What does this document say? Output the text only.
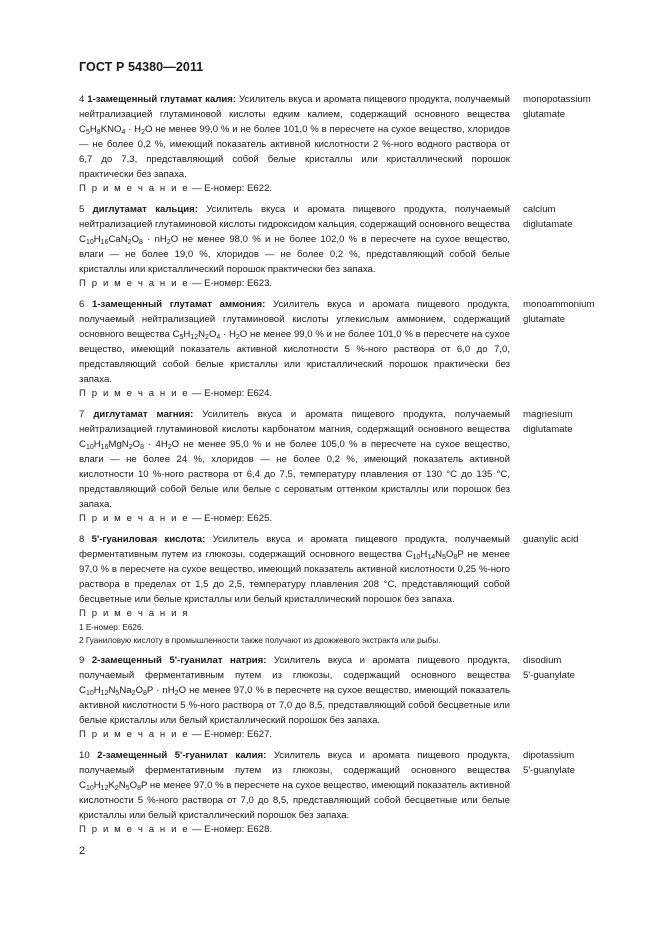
ГОСТ Р 54380—2011

4 1-замещенный глутамат калия: Усилитель вкуса и аромата пищевого продукта, получаемый нейтрализацией глутаминовой кислоты едким калием, содержащий основного вещества $C_5H_8KNO_4 \cdot H_2O$ не менее 99,0 % и не более 101,0 % в пересчете на сухое вещество, хлоридов — не более 0,2 %, имеющий показатель активной кислотности 2 %-ного водного раствора от 6,7 до 7,3, представляющий собой белые кристаллы или кристаллический порошок практически без запаха.

П р и м е ч а н и е — Е-номер: Е622.

monopotassium
glutamate

5 диглутамат кальция: Усилитель вкуса и аромата пищевого продукта, получаемый нейтрализацией глутаминовой кислоты гидроксидом кальция, содержащий основного вещества $C_{10}H_{16}CaN_2O_8 \cdot nH_2O$ не менее 98,0 % и не более 102,0 % в пересчете на сухое вещество, влаги — не более 19,0 %, хлоридов — не более 0,2 %, представляющий собой белые кристаллы или кристаллический порошок практически без запаха.

П р и м е ч а н и е — Е-номер: Е623.

calcium
diglutamate

6 1-замещенный глутамат аммония: Усилитель вкуса и аромата пищевого продукта, получаемый нейтрализацией глутаминовой кислоты углекислым аммонием, содержащий основного вещества $C_5H_{12}N_2O_4 \cdot H_2O$ не менее 99,0 % и не более 101,0 % в пересчете на сухое вещество, имеющий показатель активной кислотности 5 %-ного раствора от 6,0 до 7,0, представляющий собой белые кристаллы или кристаллический порошок практически без запаха.

П р и м е ч а н и е — Е-номер: Е624.

monoammonium
glutamate

7 диглутамат магния: Усилитель вкуса и аромата пищевого продукта, получаемый нейтрализацией глутаминовой кислоты карбонатом магния, содержащий основного вещества $C_{10}H_{16}MgN_2O_8 \cdot 4H_2O$ не менее 95,0 % и не более 105,0 % в пересчете на сухое вещество, влаги — не более 24 %, хлоридов — не более 0,2 %, имеющий показатель активной кислотности 10 %-ного раствора от 6,4 до 7,5, температуру плавления от 130 °С до 135 °С, представляющий собой белые или белые с сероватым оттенком кристаллы или порошок без запаха.

П р и м е ч а н и е — Е-номер: Е625.

magnesium
diglutamate

8 5'-гуаниловая кислота: Усилитель вкуса и аромата пищевого продукта, получаемый ферментативным путем из глюкозы, содержащий основного вещества $C_{10}H_{14}N_5O_8P$ не менее 97,0 % в пересчете на сухое вещество, имеющий показатель активной кислотности 0,25 %-ного раствора в пределах от 1,5 до 2,5, температуру плавления 208 °С, представляющий собой бесцветные или белые кристаллы или белый кристаллический порошок без запаха.

П р и м е ч а н и я

1 Е-номер: Е626.

2 Гуаниловую кислоту в промышленности также получают из дрожжевого экстракта или рыбы.

guanylic acid

9 2-замещенный 5'-гуанилат натрия: Усилитель вкуса и аромата пищевого продукта, получаемый ферментативным путем из глюкозы, содержащий основного вещества $C_{10}H_{12}N_5Na_2O_8P \cdot nH_2O$ не менее 97,0 % в пересчете на сухое вещество, имеющий показатель активной кислотности 5 %-ного раствора от 7,0 до 8,5, представляющий собой бесцветные или белые кристаллы или белый кристаллический порошок без запаха.

П р и м е ч а н и е — Е-номер: Е627.

disodium
5'-guanylate

10 2-замещенный 5'-гуанилат калия: Усилитель вкуса и аромата пищевого продукта, получаемый ферментативным путем из глюкозы, содержащий основного вещества $C_{10}H_{12}K_2N_5O_8P$ не менее 97,0 % в пересчете на сухое вещество, имеющий показатель активной кислотности 5 %-ного раствора от 7,0 до 8,5, представляющий собой бесцветные или белые кристаллы или белый кристаллический порошок без запаха.

П р и м е ч а н и е — Е-номер: Е628.

dipotassium
5'-guanylate
2
